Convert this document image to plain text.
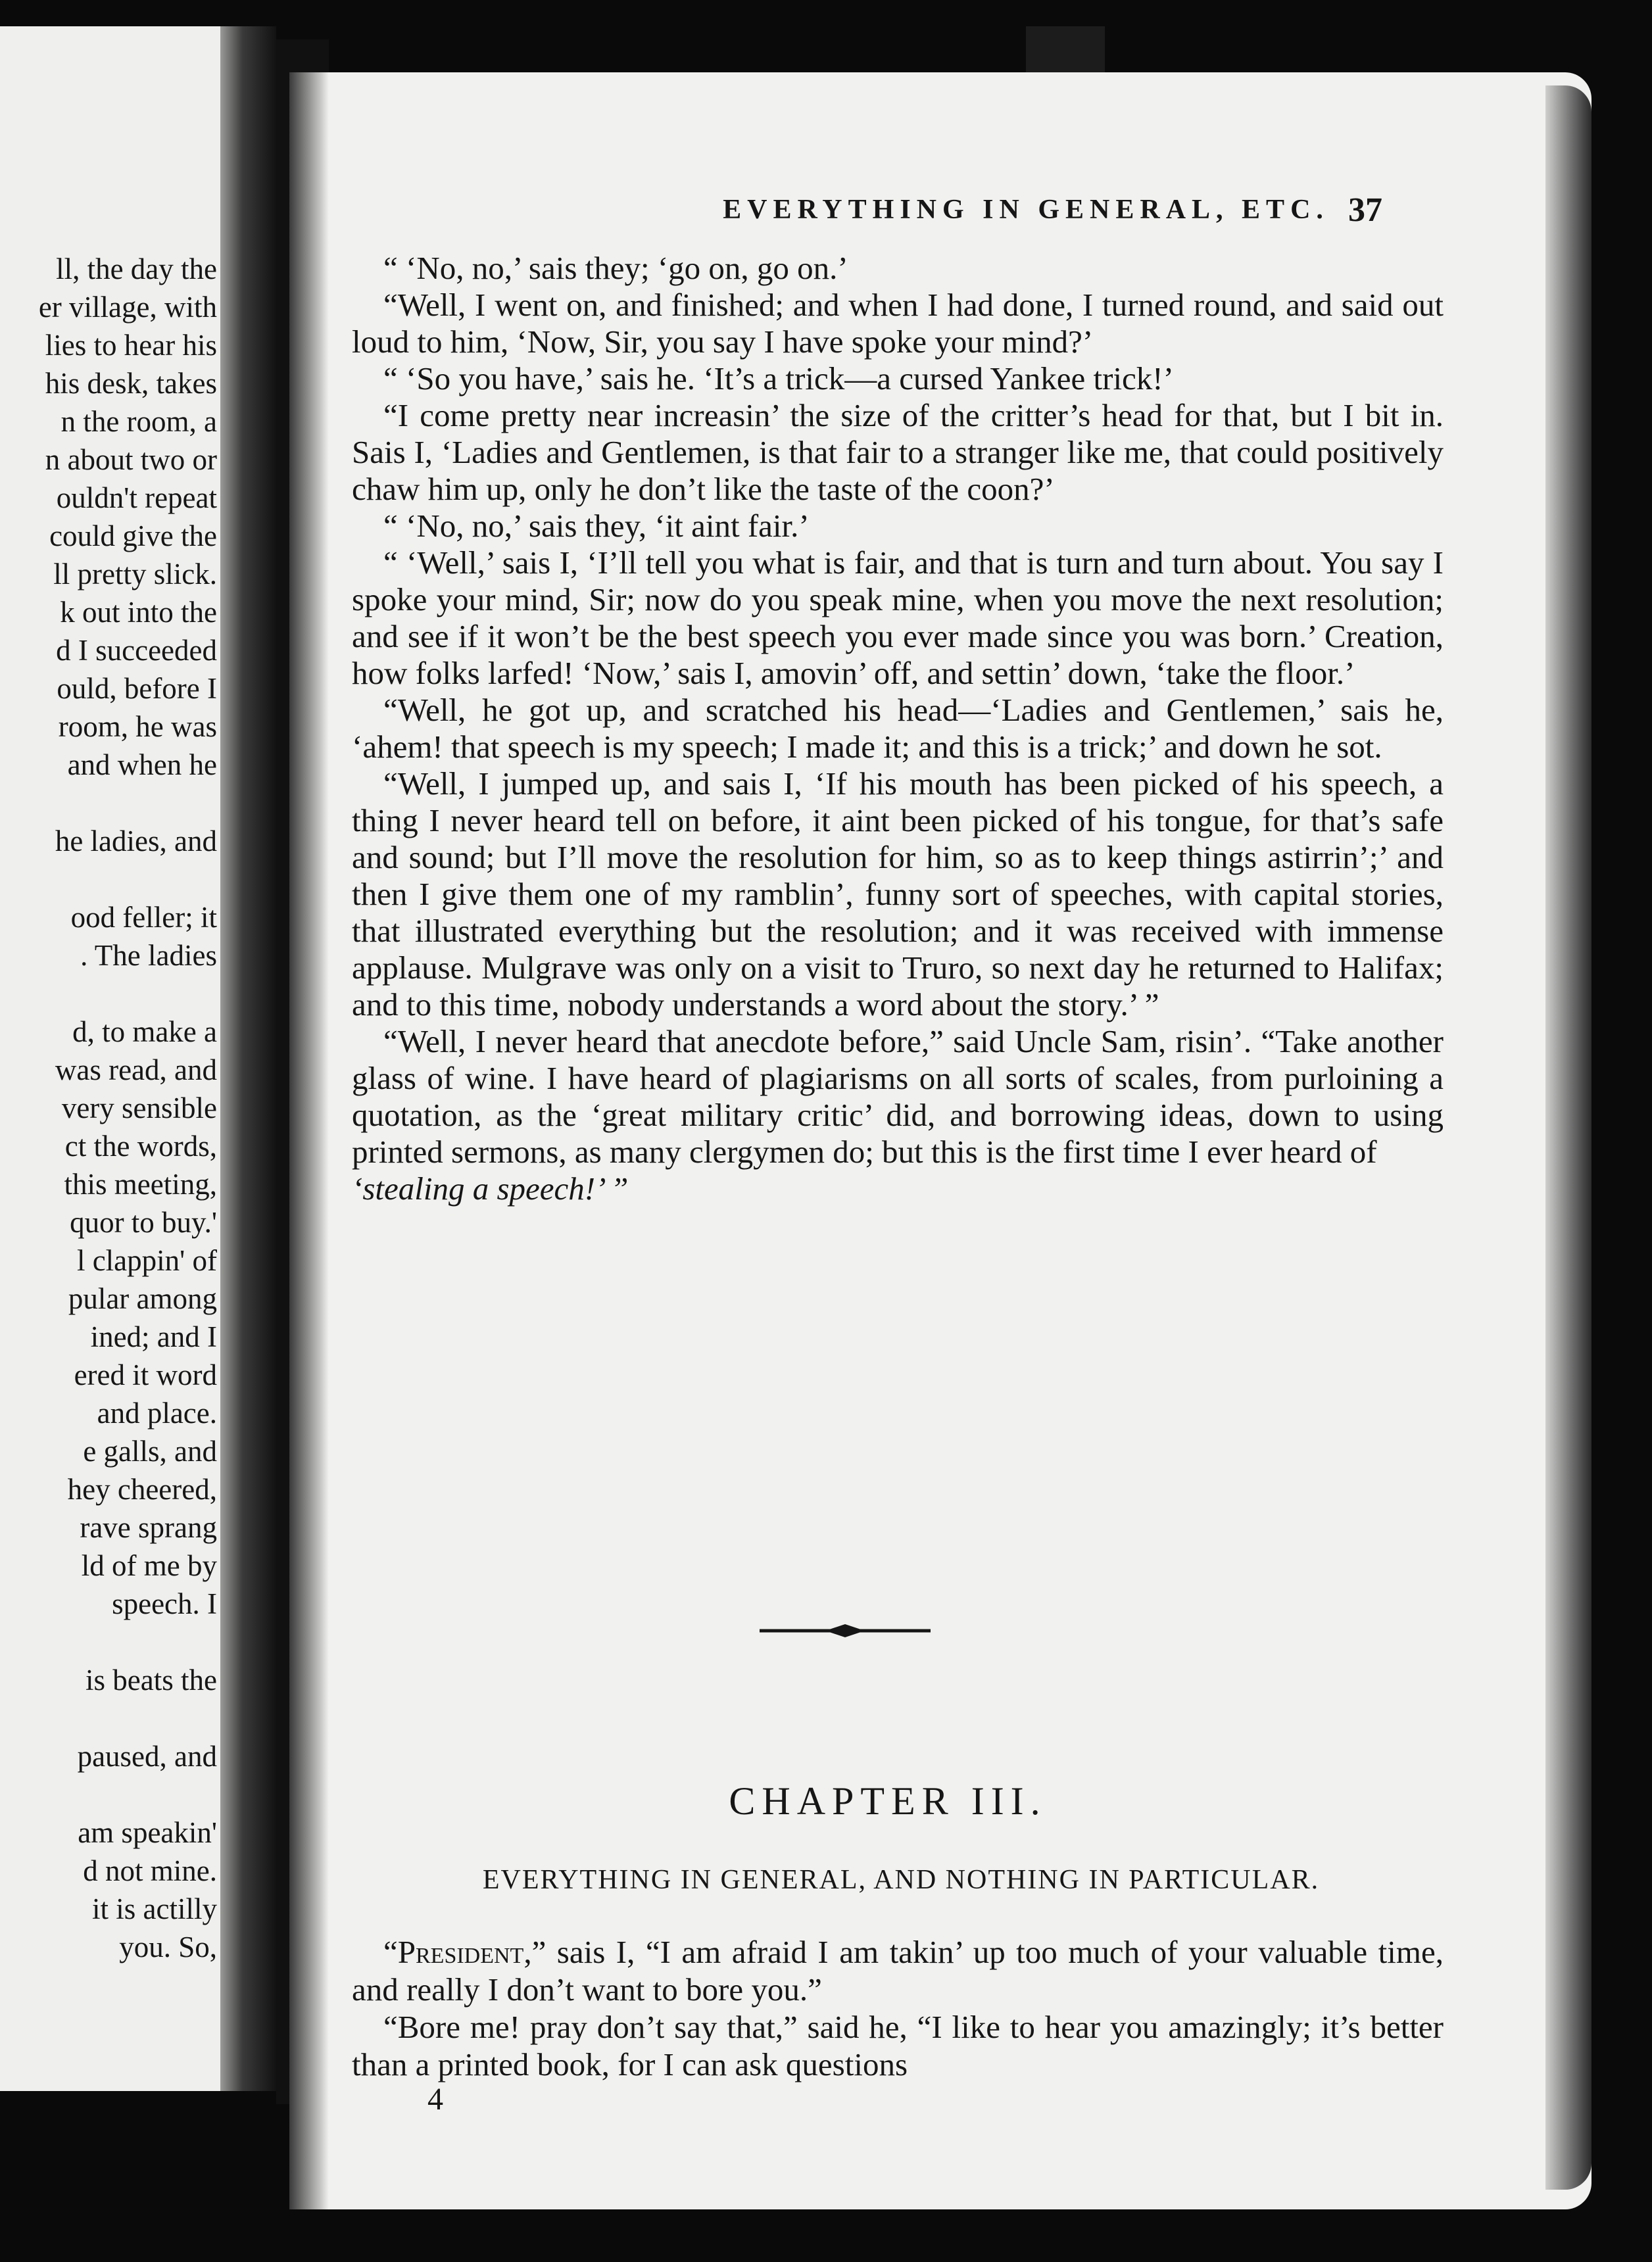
ll, the day the
er village, with
lies to hear his
his desk, takes
n the room, a
n about two or
ouldn't repeat
could give the
ll pretty slick.
k out into the
d I succeeded
ould, before I
room, he was
and when he
he ladies, and
ood feller; it
. The ladies
d, to make a
was read, and
very sensible
ct the words,
this meeting,
quor to buy.'
l clappin' of
pular among
ined; and I
ered it word
and place.
e galls, and
hey cheered,
rave sprang
ld of me by
speech. I
is beats the
paused, and
am speakin'
d not mine.
it is actilly
you. So,
EVERYTHING IN GENERAL, ETC. 37

“ ‘No, no,’ sais they; ‘go on, go on.’

“Well, I went on, and finished; and when I had done, I turned round, and said out loud to him, ‘Now, Sir, you say I have spoke your mind?’

“ ‘So you have,’ sais he. ‘It’s a trick—a cursed Yankee trick!’

“I come pretty near increasin’ the size of the critter’s head for that, but I bit in. Sais I, ‘Ladies and Gentlemen, is that fair to a stranger like me, that could positively chaw him up, only he don’t like the taste of the coon?’

“ ‘No, no,’ sais they, ‘it aint fair.’

“ ‘Well,’ sais I, ‘I’ll tell you what is fair, and that is turn and turn about. You say I spoke your mind, Sir; now do you speak mine, when you move the next resolution; and see if it won’t be the best speech you ever made since you was born.’ Creation, how folks larfed! ‘Now,’ sais I, amovin’ off, and settin’ down, ‘take the floor.’

“Well, he got up, and scratched his head—‘Ladies and Gentlemen,’ sais he, ‘ahem! that speech is my speech; I made it; and this is a trick;’ and down he sot.

“Well, I jumped up, and sais I, ‘If his mouth has been picked of his speech, a thing I never heard tell on before, it aint been picked of his tongue, for that’s safe and sound; but I’ll move the resolution for him, so as to keep things astirrin’;’ and then I give them one of my ramblin’, funny sort of speeches, with capital stories, that illustrated everything but the resolution; and it was received with immense applause. Mulgrave was only on a visit to Truro, so next day he returned to Halifax; and to this time, nobody understands a word about the story.’ ”

“Well, I never heard that anecdote before,” said Uncle Sam, risin’. “Take another glass of wine. I have heard of plagiarisms on all sorts of scales, from purloining a quotation, as the ‘great military critic’ did, and borrowing ideas, down to using printed sermons, as many clergymen do; but this is the first time I ever heard of

‘stealing a speech!’ ”

CHAPTER III.
EVERYTHING IN GENERAL, AND NOTHING IN PARTICULAR.

“President,” sais I, “I am afraid I am takin’ up too much of your valuable time, and really I don’t want to bore you.”

“Bore me! pray don’t say that,” said he, “I like to hear you amazingly; it’s better than a printed book, for I can ask questions

4
